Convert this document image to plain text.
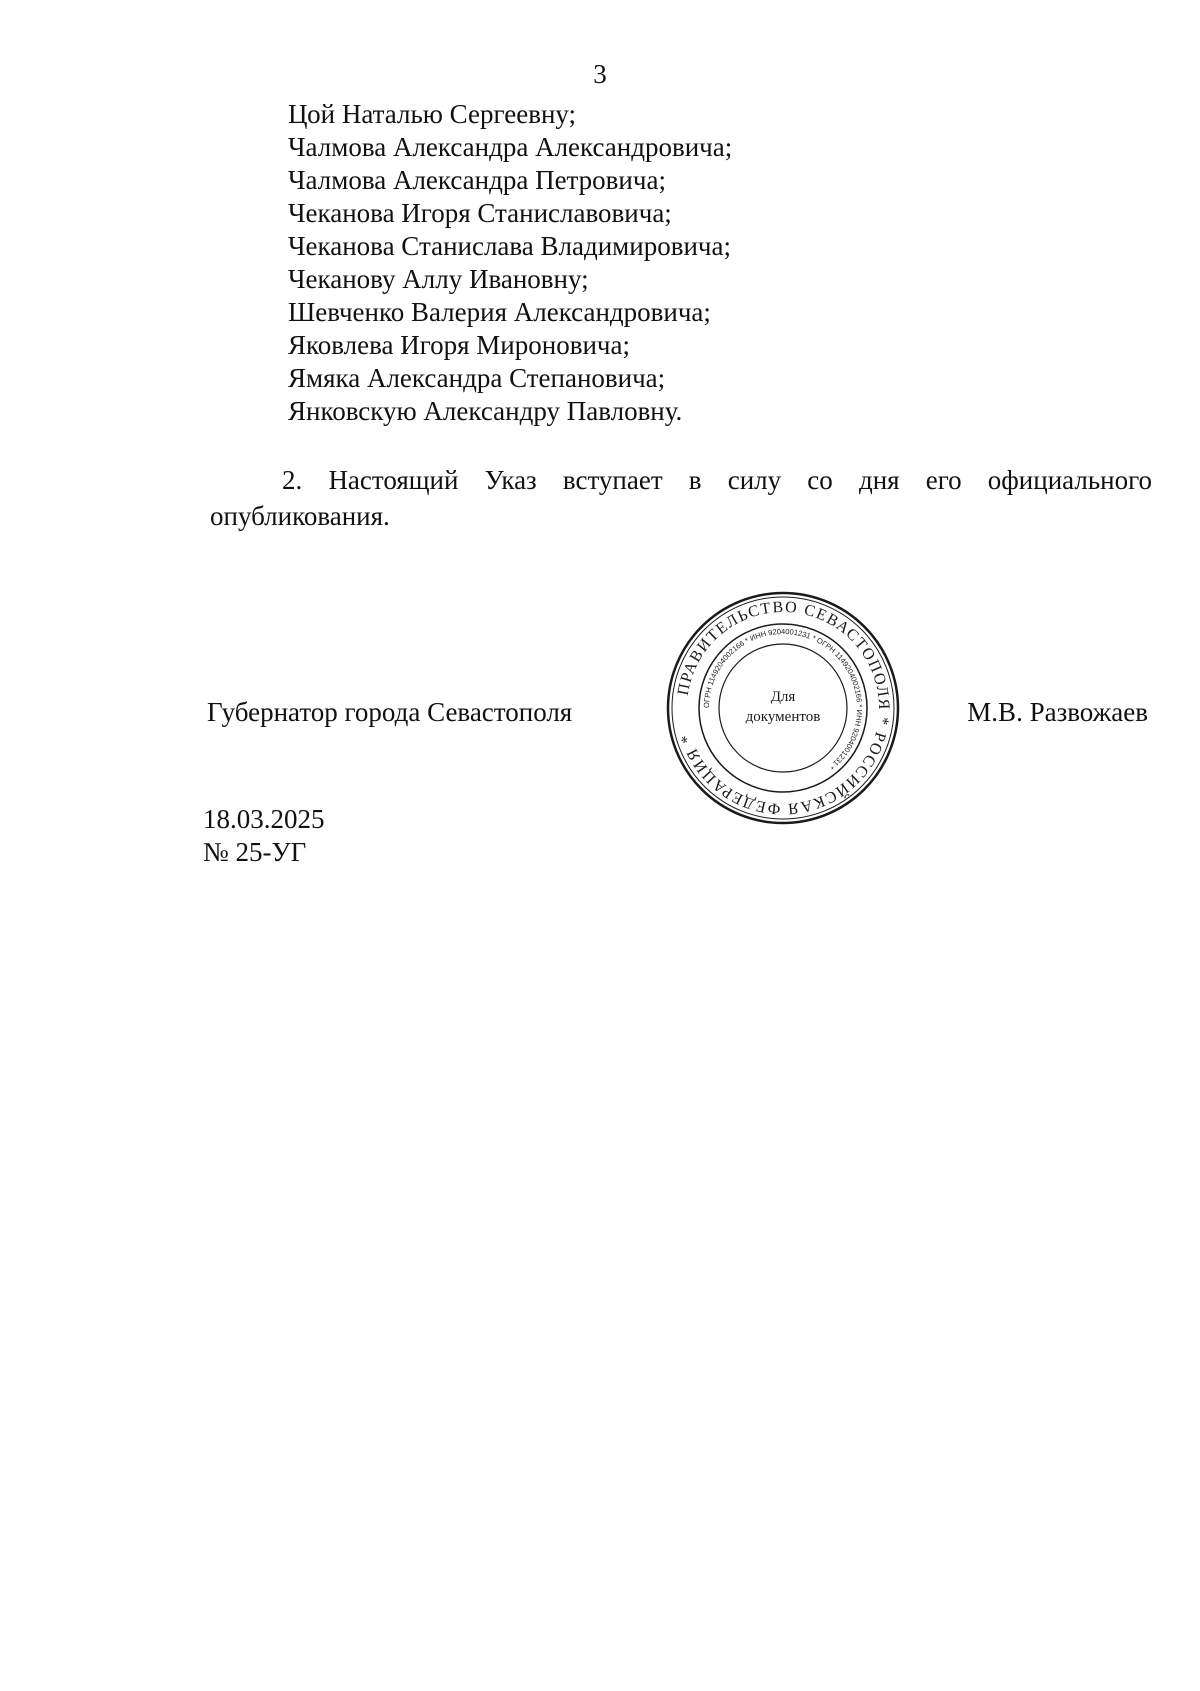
3
Цой Наталью Сергеевну;
Чалмова Александра Александровича;
Чалмова Александра Петровича;
Чеканова Игоря Станиславовича;
Чеканова Станислава Владимировича;
Чеканову Аллу Ивановну;
Шевченко Валерия Александровича;
Яковлева Игоря Мироновича;
Ямяка Александра Степановича;
Янковскую Александру Павловну.

2. Настоящий Указ вступает в силу со дня его официального опубликования.

Губернатор города Севастополя
ПРАВИТЕЛЬСТВО СЕВАСТОПОЛЯ * РОССИЙСКАЯ ФЕДЕРАЦИЯ *
ОГРН 1149204002166 * ИНН 9204001231 * ОГРН 1149204002166 * ИНН 9204001231 *
Для
документов	М.В. Развожаев
18.03.2025
№ 25-УГ
